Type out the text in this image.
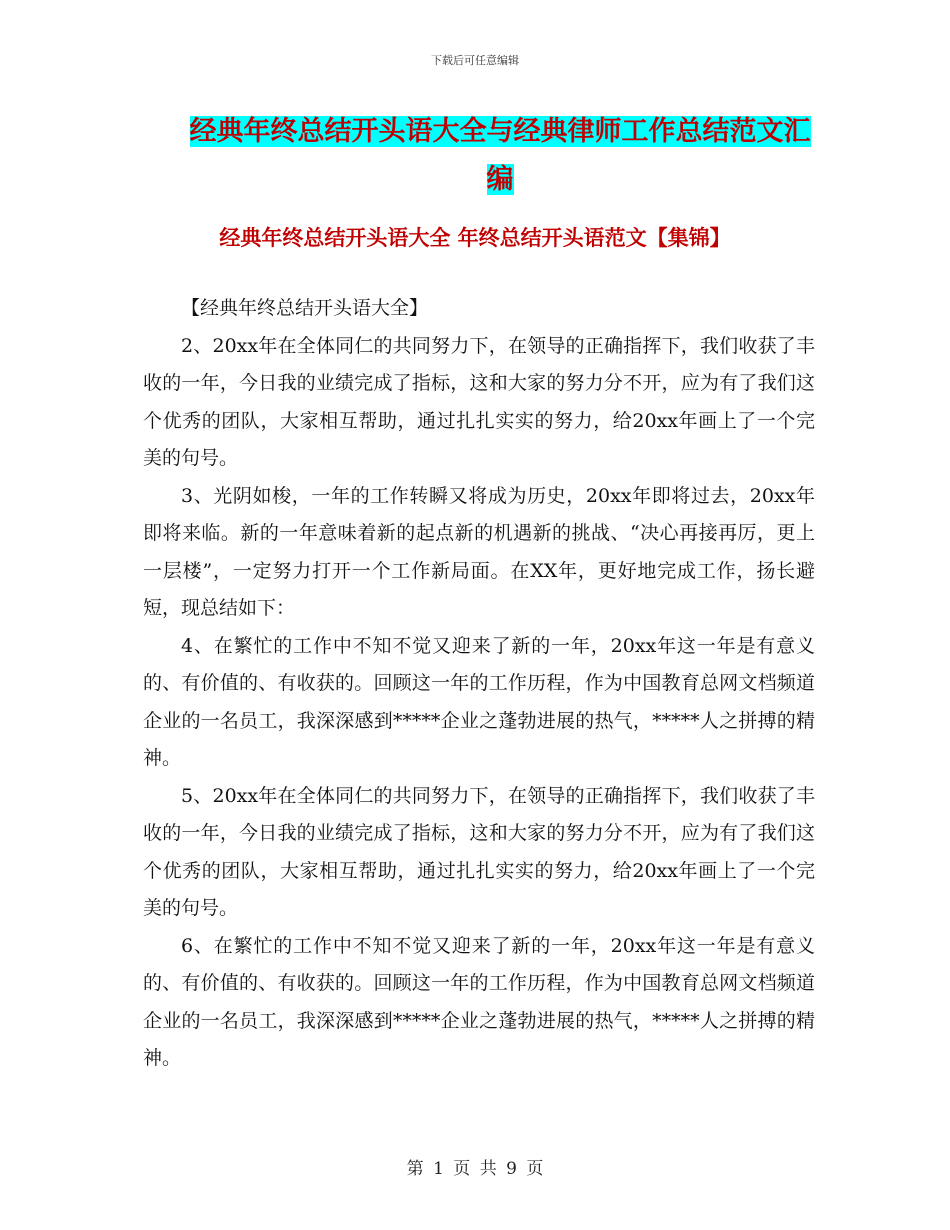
下载后可任意编辑
经典年终总结开头语大全与经典律师工作总结范文汇编
经典年终总结开头语大全 年终总结开头语范文【集锦】

【经典年终总结开头语大全】

2、20xx年在全体同仁的共同努力下，在领导的正确指挥下，我们收获了丰收的一年，今日我的业绩完成了指标，这和大家的努力分不开，应为有了我们这个优秀的团队，大家相互帮助，通过扎扎实实的努力，给20xx年画上了一个完美的句号。

3、光阴如梭，一年的工作转瞬又将成为历史，20xx年即将过去，20xx年即将来临。新的一年意味着新的起点新的机遇新的挑战、“决心再接再厉，更上一层楼”，一定努力打开一个工作新局面。在XX年，更好地完成工作，扬长避短，现总结如下：

4、在繁忙的工作中不知不觉又迎来了新的一年，20xx年这一年是有意义的、有价值的、有收获的。回顾这一年的工作历程，作为中国教育总网文档频道企业的一名员工，我深深感到*****企业之蓬勃进展的热气，*****人之拼搏的精神。

5、20xx年在全体同仁的共同努力下，在领导的正确指挥下，我们收获了丰收的一年，今日我的业绩完成了指标，这和大家的努力分不开，应为有了我们这个优秀的团队，大家相互帮助，通过扎扎实实的努力，给20xx年画上了一个完美的句号。

6、在繁忙的工作中不知不觉又迎来了新的一年，20xx年这一年是有意义的、有价值的、有收获的。回顾这一年的工作历程，作为中国教育总网文档频道企业的一名员工，我深深感到*****企业之蓬勃进展的热气，*****人之拼搏的精神。

第 1 页 共 9 页
